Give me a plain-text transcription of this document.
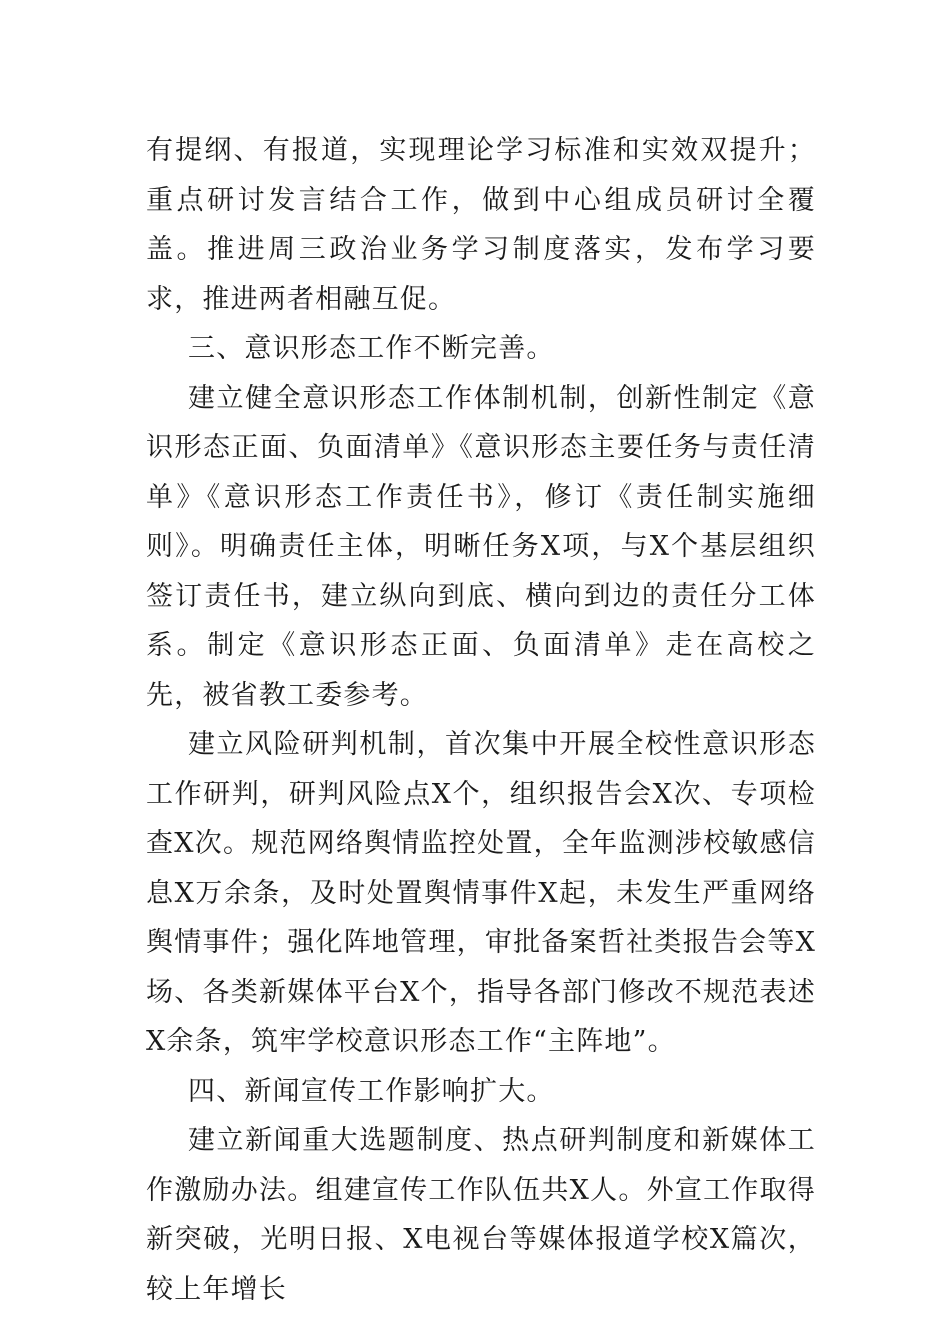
有提纲、有报道，实现理论学习标准和实效双提升；重点研讨发言结合工作，做到中心组成员研讨全覆盖。推进周三政治业务学习制度落实，发布学习要求，推进两者相融互促。

三、意识形态工作不断完善。

建立健全意识形态工作体制机制，创新性制定《意识形态正面、负面清单》《意识形态主要任务与责任清单》《意识形态工作责任书》，修订《责任制实施细则》。明确责任主体，明晰任务X项，与X个基层组织签订责任书，建立纵向到底、横向到边的责任分工体系。制定《意识形态正面、负面清单》走在高校之先，被省教工委参考。

建立风险研判机制，首次集中开展全校性意识形态工作研判，研判风险点X个，组织报告会X次、专项检查X次。规范网络舆情监控处置，全年监测涉校敏感信息X万余条，及时处置舆情事件X起，未发生严重网络舆情事件；强化阵地管理，审批备案哲社类报告会等X场、各类新媒体平台X个，指导各部门修改不规范表述X余条，筑牢学校意识形态工作“主阵地”。

四、新闻宣传工作影响扩大。

建立新闻重大选题制度、热点研判制度和新媒体工作激励办法。组建宣传工作队伍共X人。外宣工作取得新突破，光明日报、X电视台等媒体报道学校X篇次，较上年增长
